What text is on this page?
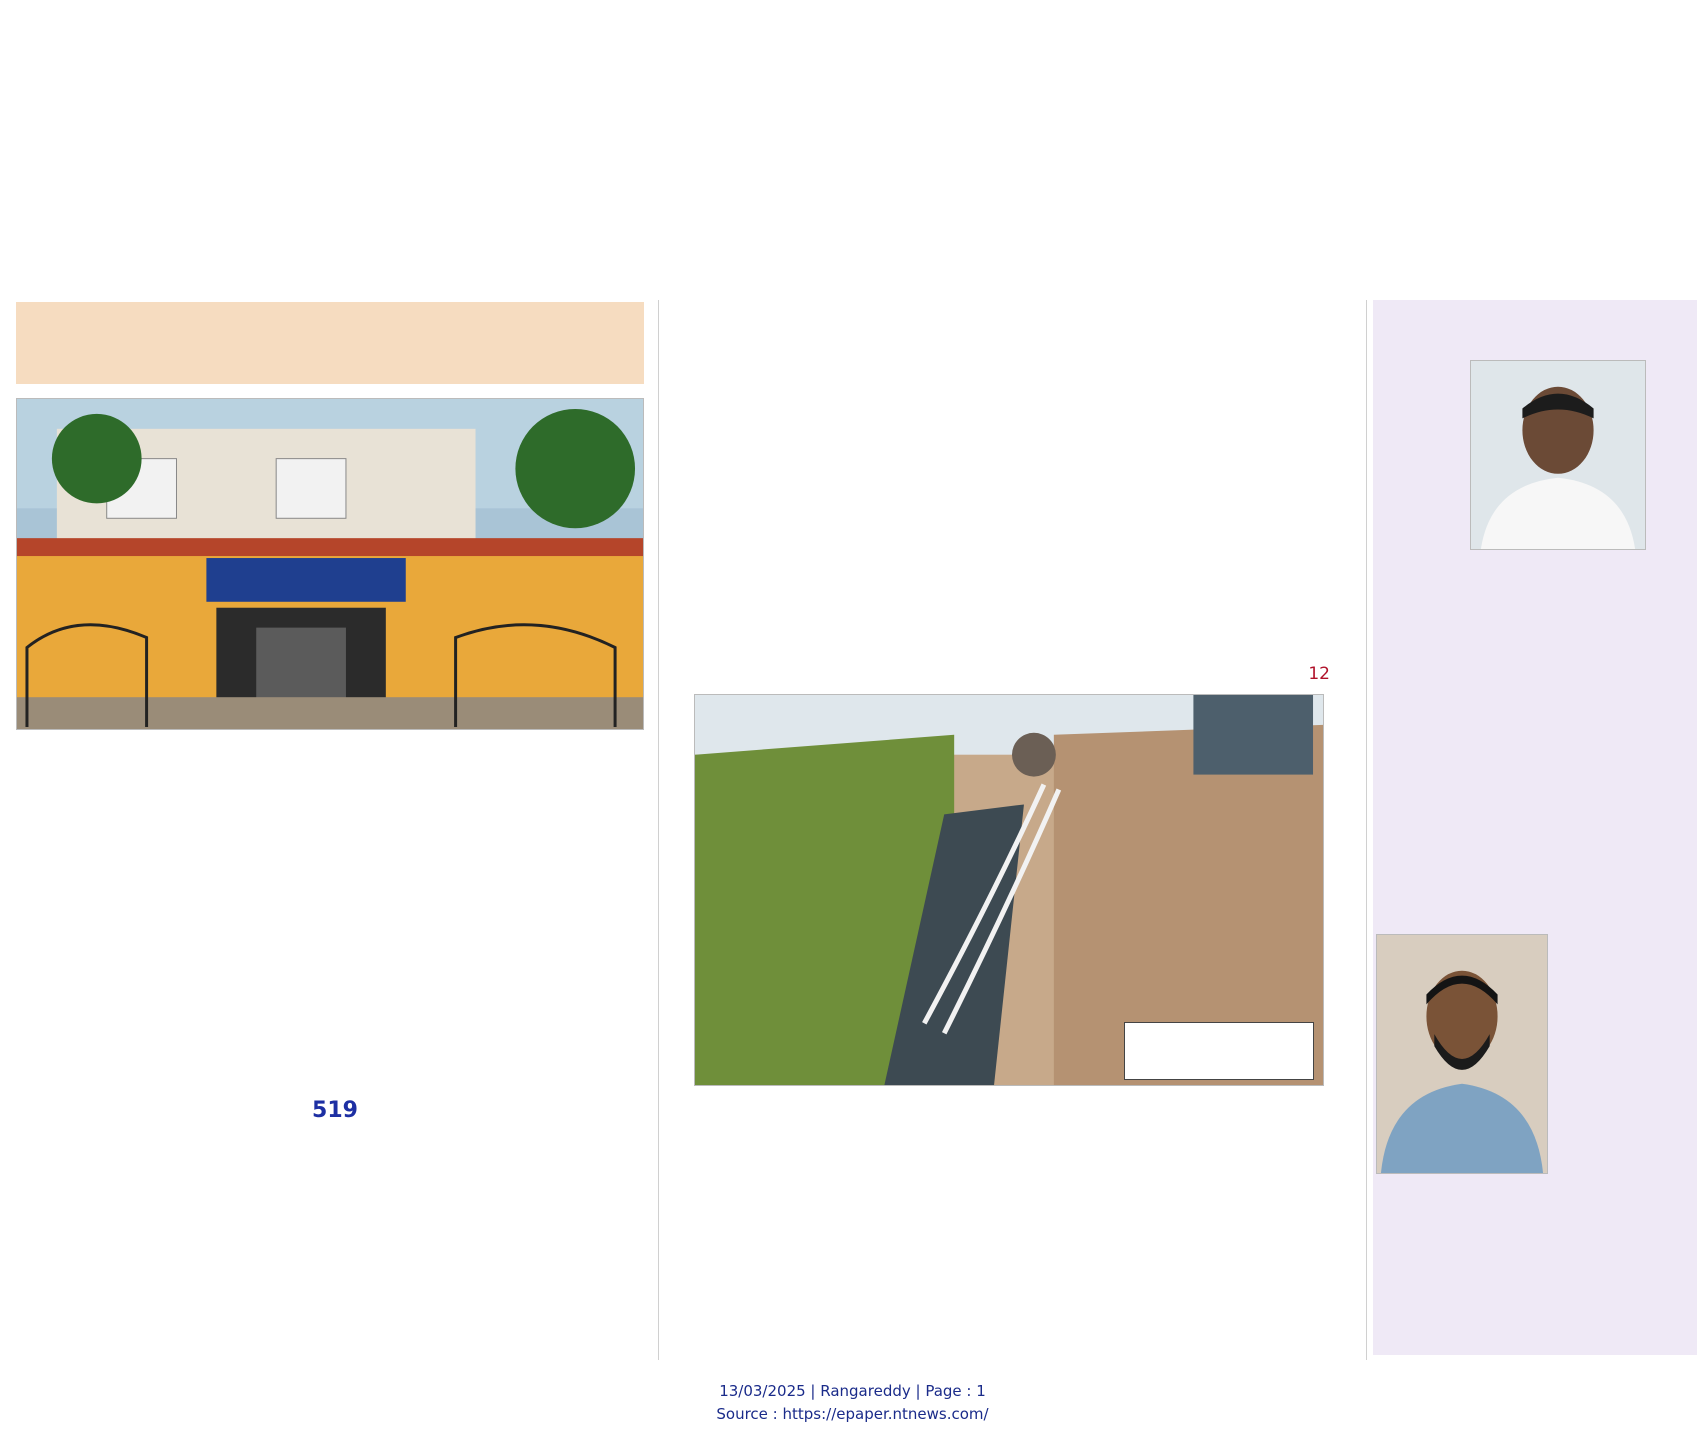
519
12
13/03/2025 | Rangareddy | Page : 1
Source : https://epaper.ntnews.com/
